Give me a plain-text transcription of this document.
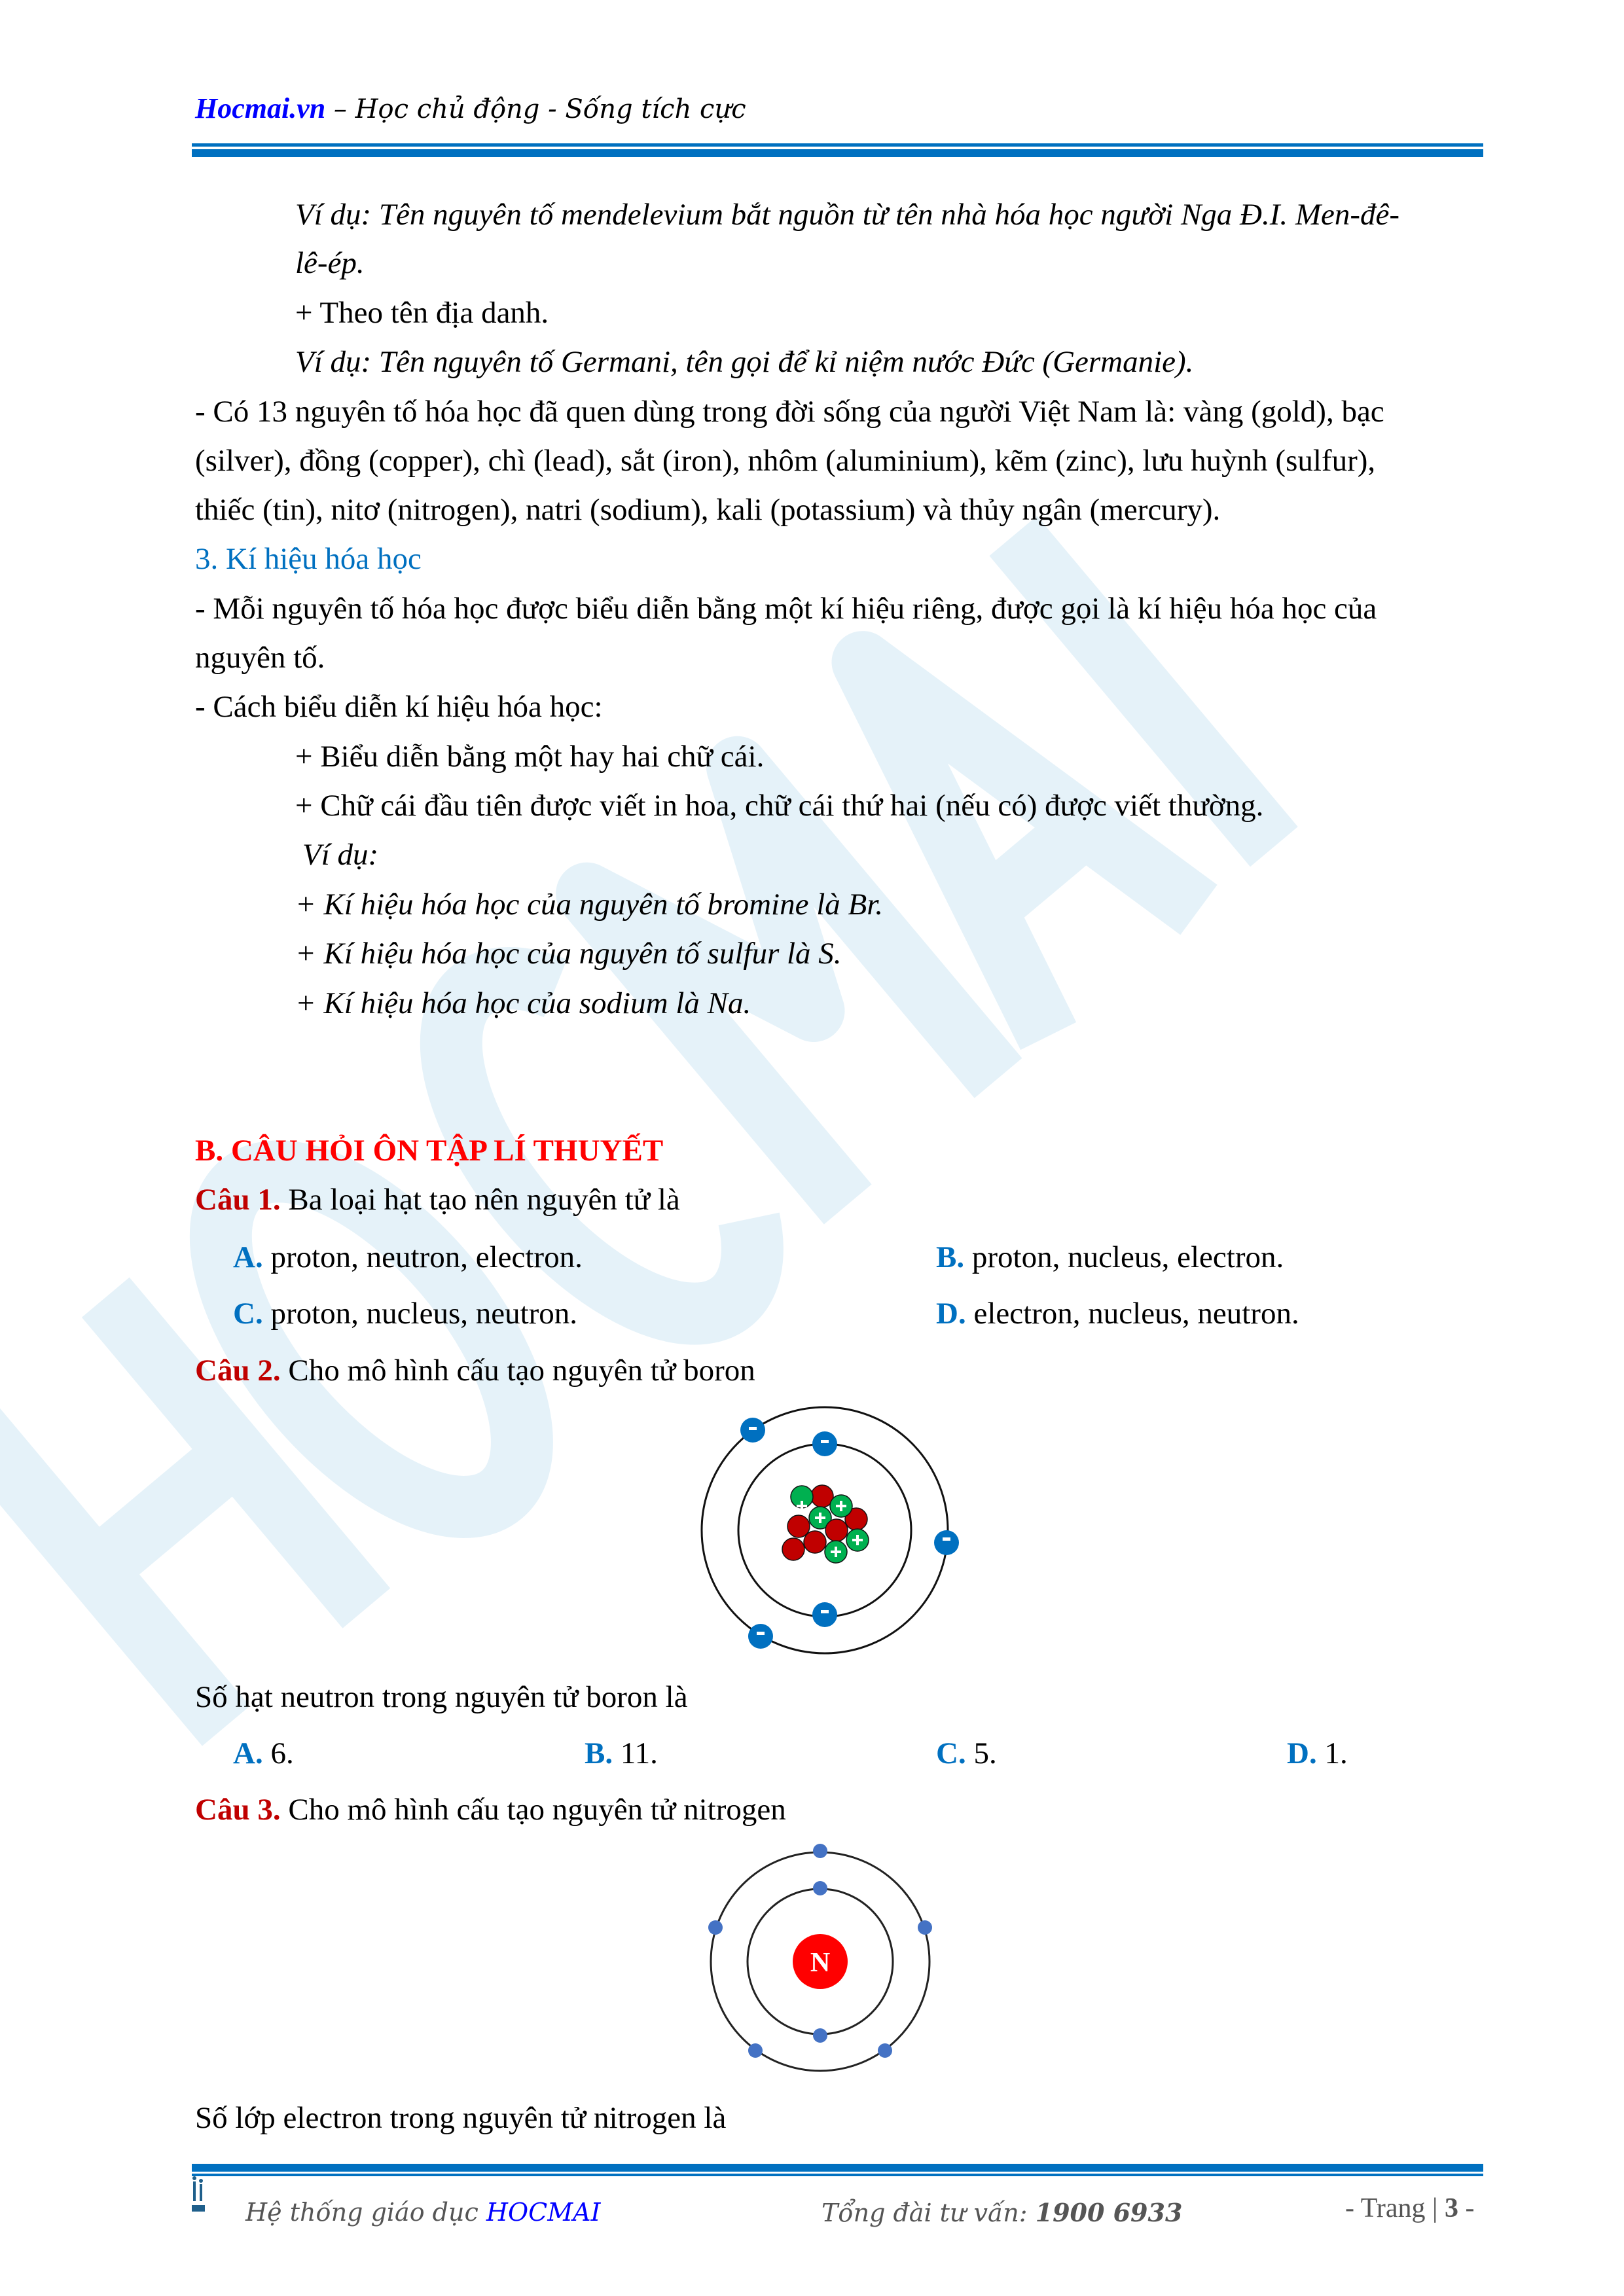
Hocmai.vn – Học chủ động - Sống tích cực
Ví dụ: Tên nguyên tố mendelevium bắt nguồn từ tên nhà hóa học người Nga Đ.I. Men-đê-
lê-ép.
+ Theo tên địa danh.
Ví dụ: Tên nguyên tố Germani, tên gọi để kỉ niệm nước Đức (Germanie).
- Có 13 nguyên tố hóa học đã quen dùng trong đời sống của người Việt Nam là: vàng (gold), bạc
(silver), đồng (copper), chì (lead), sắt (iron), nhôm (aluminium), kẽm (zinc), lưu huỳnh (sulfur),
thiếc (tin), nitơ (nitrogen), natri (sodium), kali (potassium) và thủy ngân (mercury).
3. Kí hiệu hóa học
- Mỗi nguyên tố hóa học được biểu diễn bằng một kí hiệu riêng, được gọi là kí hiệu hóa học của
nguyên tố.
- Cách biểu diễn kí hiệu hóa học:
+ Biểu diễn bằng một hay hai chữ cái.
+ Chữ cái đầu tiên được viết in hoa, chữ cái thứ hai (nếu có) được viết thường.
Ví dụ:
+ Kí hiệu hóa học của nguyên tố bromine là Br.
+ Kí hiệu hóa học của nguyên tố sulfur là S.
+ Kí hiệu hóa học của sodium là Na.
B. CÂU HỎI ÔN TẬP LÍ THUYẾT
Câu 1. Ba loại hạt tạo nên nguyên tử là
A. proton, neutron, electron.	B. proton, nucleus, electron.
C. proton, nucleus, neutron.	D. electron, nucleus, neutron.
Câu 2. Cho mô hình cấu tạo nguyên tử boron
Số hạt neutron trong nguyên tử boron là
A. 6.	B. 11.	C. 5.	D. 1.
Câu 3. Cho mô hình cấu tạo nguyên tử nitrogen
N
Số lớp electron trong nguyên tử nitrogen là
Hệ thống giáo dục HOCMAI	Tổng đài tư vấn: 1900 6933	- Trang | 3 -
